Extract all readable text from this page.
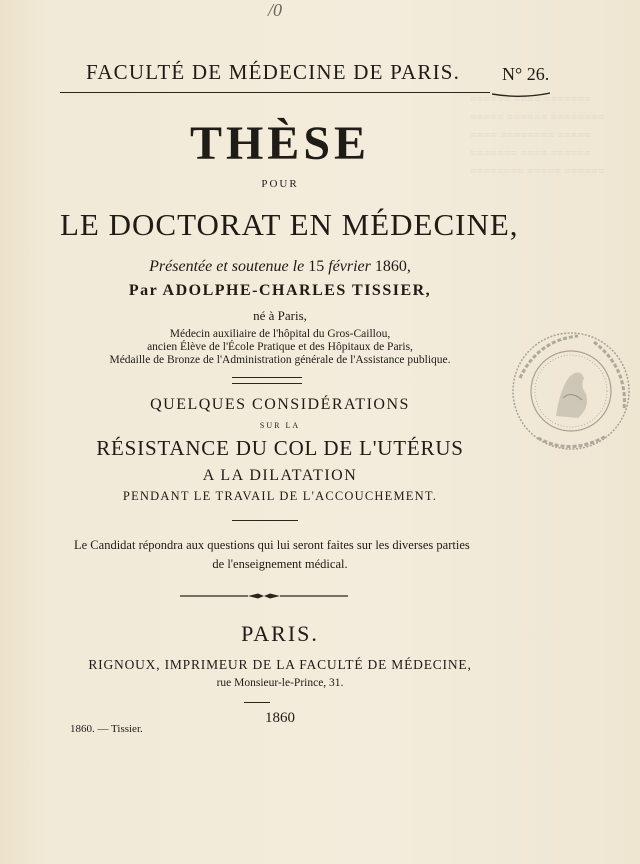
≡≡≡≡≡≡ ≡≡≡≡ ≡≡≡≡≡≡≡ ≡≡≡≡≡ ≡≡≡≡≡≡ ≡≡≡≡≡≡≡≡ ≡≡≡≡ ≡≡≡≡≡≡≡≡ ≡≡≡≡≡ ≡≡≡≡≡≡≡ ≡≡≡≡ ≡≡≡≡≡≡ ≡≡≡≡≡≡≡≡ ≡≡≡≡≡ ≡≡≡≡≡≡
/0
FACULTÉ DE MÉDECINE DE PARIS. N° 26.
THÈSE
POUR
LE DOCTORAT EN MÉDECINE,
Présentée et soutenue le 15 février 1860,
Par ADOLPHE-CHARLES TISSIER,
né à Paris,
Médecin auxiliaire de l'hôpital du Gros-Caillou,
ancien Élève de l'École Pratique et des Hôpitaux de Paris,
Médaille de Bronze de l'Administration générale de l'Assistance publique.
QUELQUES CONSIDÉRATIONS
SUR LA
RÉSISTANCE DU COL DE L'UTÉRUS
A LA DILATATION
PENDANT LE TRAVAIL DE L'ACCOUCHEMENT.
Le Candidat répondra aux questions qui lui seront faites sur les diverses parties
de l'enseignement médical.
PARIS.
RIGNOUX, IMPRIMEUR DE LA FACULTÉ DE MÉDECINE,
rue Monsieur-le-Prince, 31.
1860
1860. — Tissier.
